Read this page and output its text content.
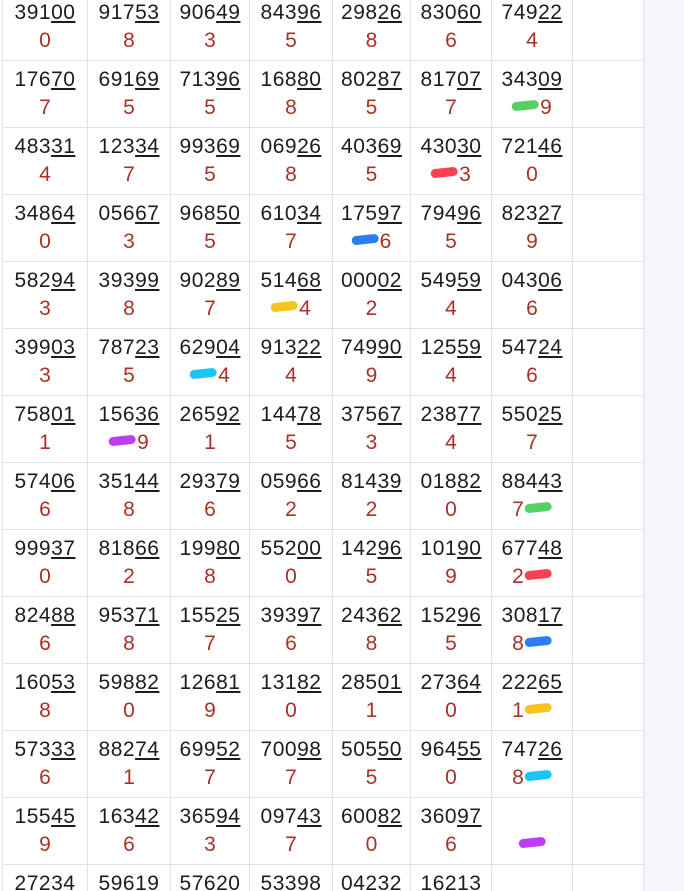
39100
0
91753
8
90649
3
84396
5
29826
8
83060
6
74922
4
17670
7
69169
5
71396
5
16880
8
80287
5
81707
7
34309
9
48331
4
12334
7
99369
5
06926
8
40369
5
43030
3
72146
0
34864
0
05667
3
96850
5
61034
7
17597
6
79496
5
82327
9
58294
3
39399
8
90289
7
51468
4
00002
2
54959
4
04306
6
39903
3
78723
5
62904
4
91322
4
74990
9
12559
4
54724
6
75801
1
15636
9
26592
1
14478
5
37567
3
23877
4
55025
7
57406
6
35144
8
29379
6
05966
2
81439
2
01882
0
88443
7
99937
0
81866
2
19980
8
55200
0
14296
5
10190
9
67748
2
82488
6
95371
8
15525
7
39397
6
24362
8
15296
5
30817
8
16053
8
59882
0
12681
9
13182
0
28501
1
27364
0
22265
1
57333
6
88274
1
69952
7
70098
7
50550
5
96455
0
74726
8
15545
9
16342
6
36594
3
09743
7
60082
0
36097
6
27234 59619 57620 53398 04232 16213
